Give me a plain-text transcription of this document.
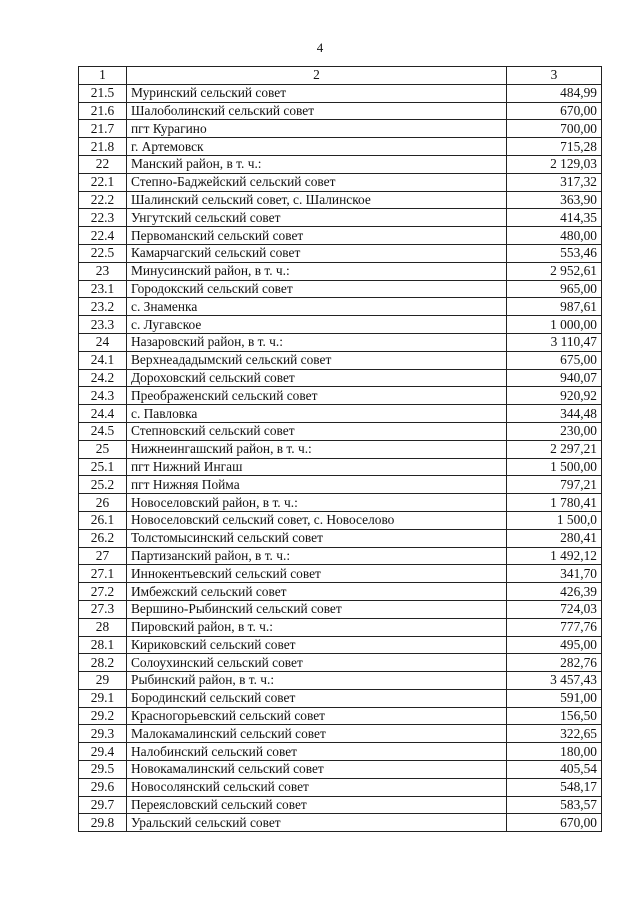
4
1	2	3
21.5	Муринский сельский совет	484,99
21.6	Шалоболинский сельский совет	670,00
21.7	пгт Курагино	700,00
21.8	г. Артемовск	715,28
22	Манский район, в т. ч.:	2 129,03
22.1	Степно-Баджейский сельский совет	317,32
22.2	Шалинский сельский совет, с. Шалинское	363,90
22.3	Унгутский сельский совет	414,35
22.4	Первоманский сельский совет	480,00
22.5	Камарчагский сельский совет	553,46
23	Минусинский район, в т. ч.:	2 952,61
23.1	Городокский сельский совет	965,00
23.2	с. Знаменка	987,61
23.3	с. Лугавское	1 000,00
24	Назаровский район, в т. ч.:	3 110,47
24.1	Верхнеададымский сельский совет	675,00
24.2	Дороховский сельский совет	940,07
24.3	Преображенский сельский совет	920,92
24.4	с. Павловка	344,48
24.5	Степновский сельский совет	230,00
25	Нижнеингашский район, в т. ч.:	2 297,21
25.1	пгт Нижний Ингаш	1 500,00
25.2	пгт Нижняя Пойма	797,21
26	Новоселовский район, в т. ч.:	1 780,41
26.1	Новоселовский сельский совет, с. Новоселово	1 500,0
26.2	Толстомысинский сельский совет	280,41
27	Партизанский район, в т. ч.:	1 492,12
27.1	Иннокентьевский сельский совет	341,70
27.2	Имбежский сельский совет	426,39
27.3	Вершино-Рыбинский сельский совет	724,03
28	Пировский район, в т. ч.:	777,76
28.1	Кириковский сельский совет	495,00
28.2	Солоухинский сельский совет	282,76
29	Рыбинский район, в т. ч.:	3 457,43
29.1	Бородинский сельский совет	591,00
29.2	Красногорьевский сельский совет	156,50
29.3	Малокамалинский сельский совет	322,65
29.4	Налобинский сельский совет	180,00
29.5	Новокамалинский сельский совет	405,54
29.6	Новосолянский сельский совет	548,17
29.7	Переясловский сельский совет	583,57
29.8	Уральский сельский совет	670,00
